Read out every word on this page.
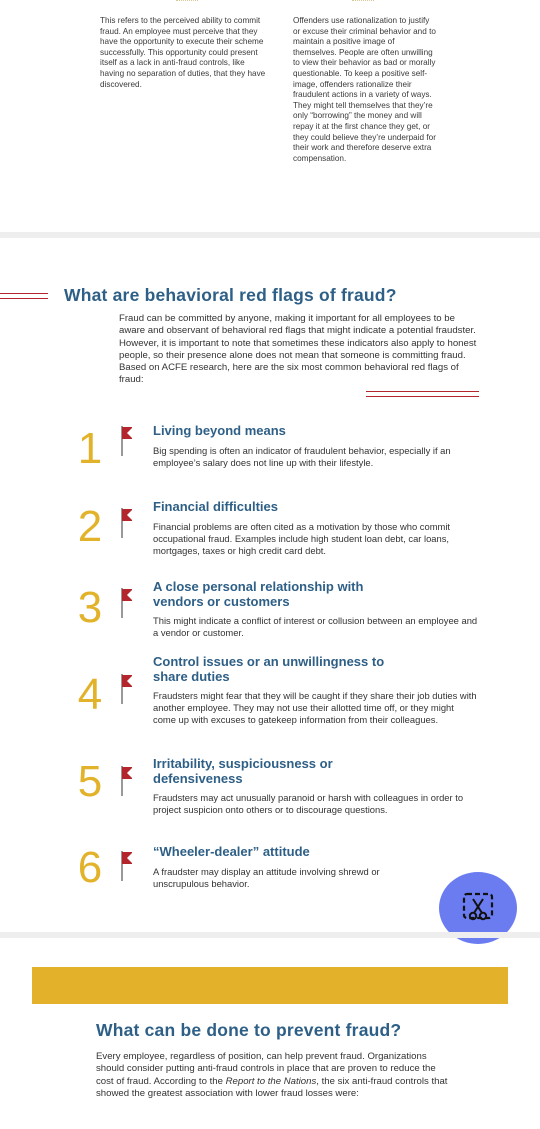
This refers to the perceived ability to commit fraud. An employee must perceive that they have the opportunity to execute their scheme successfully. This opportunity could present itself as a lack in anti-fraud controls, like having no separation of duties, that they have discovered.
Offenders use rationalization to justify or excuse their criminal behavior and to maintain a positive image of themselves. People are often unwilling to view their behavior as bad or morally questionable. To keep a positive self-image, offenders rationalize their fraudulent actions in a variety of ways. They might tell themselves that they’re only “borrowing” the money and will repay it at the first chance they get, or they could believe they’re underpaid for their work and therefore deserve extra compensation.
What are behavioral red flags of fraud?
Fraud can be committed by anyone, making it important for all employees to be aware and observant of behavioral red flags that might indicate a potential fraudster. However, it is important to note that sometimes these indicators also apply to honest people, so their presence alone does not mean that someone is committing fraud. Based on ACFE research, here are the six most common behavioral red flags of fraud:
1	Living beyond means
Big spending is often an indicator of fraudulent behavior, especially if an employee’s salary does not line up with their lifestyle.
2	Financial difficulties
Financial problems are often cited as a motivation by those who commit occupational fraud. Examples include high student loan debt, car loans, mortgages, taxes or high credit card debt.
3	A close personal relationship with vendors or customers
This might indicate a conflict of interest or collusion between an employee and a vendor or customer.
4
Control issues or an unwillingness to share duties
Fraudsters might fear that they will be caught if they share their job duties with another employee. They may not use their allotted time off, or they might come up with excuses to gatekeep information from their colleagues.
5	Irritability, suspiciousness or defensiveness
Fraudsters may act unusually paranoid or harsh with colleagues in order to project suspicion onto others or to discourage questions.
6	“Wheeler-dealer” attitude
A fraudster may display an attitude involving shrewd or unscrupulous behavior.
What can be done to prevent fraud?
Every employee, regardless of position, can help prevent fraud. Organizations should consider putting anti-fraud controls in place that are proven to reduce the cost of fraud. According to the Report to the Nations, the six anti-fraud controls that showed the greatest association with lower fraud losses were:
